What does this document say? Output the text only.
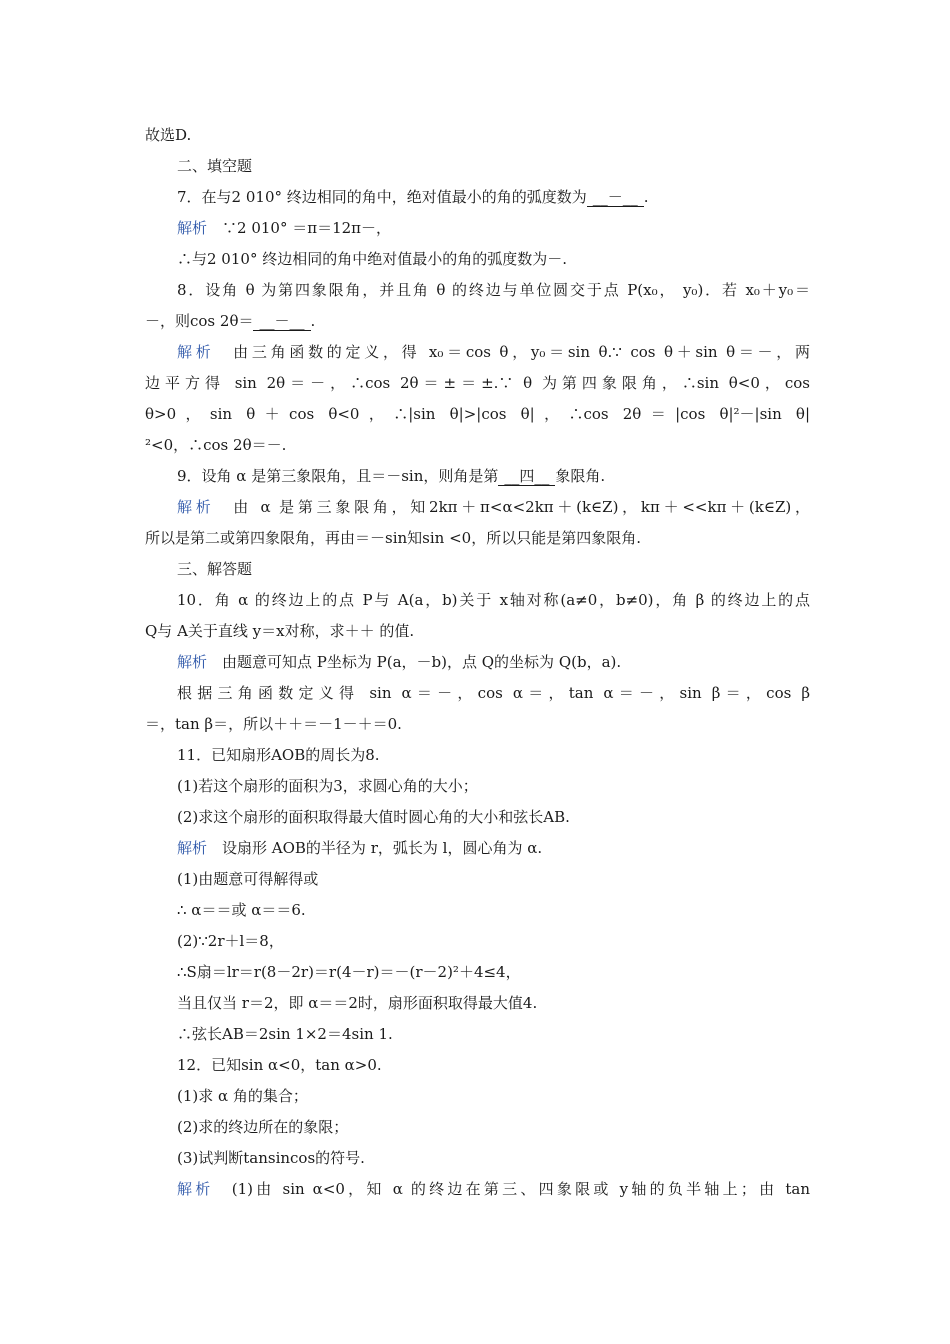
故选D.
二、填空题
7．在与2 010° 终边相同的角中，绝对值最小的角的弧度数为 __－__ .
解析　∵2 010° ＝π＝12π－，
∴与2 010° 终边相同的角中绝对值最小的角的弧度数为－.
8．设角 θ 为第四象限角，并且角 θ 的终边与单位圆交于点 P(x₀， y₀)．若 x₀＋y₀＝
－，则cos 2θ＝ __－__ .
解析　由三角函数的定义，得 x₀＝cos θ，y₀＝sin θ.∵ cos θ＋sin θ＝－，两
边平方得 sin 2θ＝－，∴cos 2θ＝±＝±.∵ θ 为第四象限角，∴sin θ<0，cos
θ>0，sin θ＋cos θ<0，∴|sin θ|>|cos θ|，∴cos 2θ＝|cos θ|²－|sin θ|
²<0，∴cos 2θ＝－.
9．设角 α 是第三象限角，且＝－sin，则角是第 __四__ 象限角.
解析　由 α 是第三象限角，知2kπ＋π<α<2kπ＋(k∈Z)，kπ＋<<kπ＋(k∈Z)，
所以是第二或第四象限角，再由＝－sin知sin <0，所以只能是第四象限角.
三、解答题
10．角 α 的终边上的点 P与 A(a，b)关于 x轴对称(a≠0，b≠0)，角 β 的终边上的点
Q与 A关于直线 y＝x对称，求＋＋ 的值.
解析　由题意可知点 P坐标为 P(a，－b)，点 Q的坐标为 Q(b，a).
根据三角函数定义得 sin α＝－，cos α＝，tan α＝－，sin β＝，cos β
＝，tan β＝，所以＋＋＝－1－＋＝0.
11．已知扇形AOB的周长为8.
(1)若这个扇形的面积为3，求圆心角的大小；
(2)求这个扇形的面积取得最大值时圆心角的大小和弦长AB.
解析　设扇形 AOB的半径为 r，弧长为 l，圆心角为 α.
(1)由题意可得解得或
∴ α＝＝或 α＝＝6.
(2)∵2r＋l＝8，
∴S扇＝lr＝r(8－2r)＝r(4－r)＝－(r－2)²＋4≤4，
当且仅当 r＝2，即 α＝＝2时，扇形面积取得最大值4.
∴弦长AB＝2sin 1×2＝4sin 1.
12．已知sin α<0，tan α>0.
(1)求 α 角的集合；
(2)求的终边所在的象限；
(3)试判断tansincos的符号.
解析　(1)由 sin α<0，知 α 的终边在第三、四象限或 y轴的负半轴上；由 tan
